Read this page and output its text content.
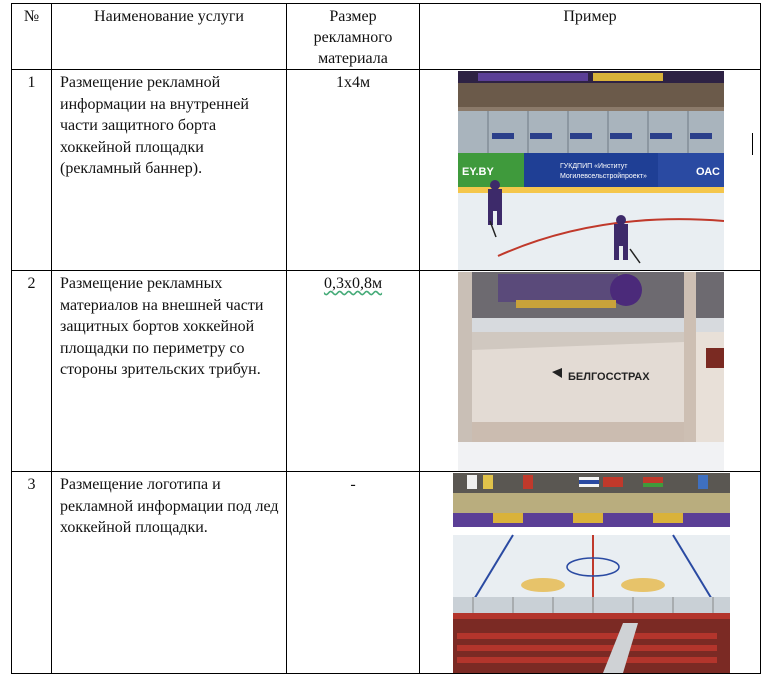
№	Наименование услуги	Размер рекламного материала	Пример
1	Размещение рекламной информации на внутренней части защитного борта хоккейной площадки (рекламный баннер).	1х4м	EY.BY ГУКДПИП «Институт
Могилевсельстройпроект» ОАС

2	Размещение рекламных материалов на внешней части защитных бортов хоккейной площадки по периметру со стороны зрительских трибун.	0,3х0,8м	БЕЛГОССТРАХ

3	Размещение логотипа и рекламной информации под лед хоккейной площадки.	-	
